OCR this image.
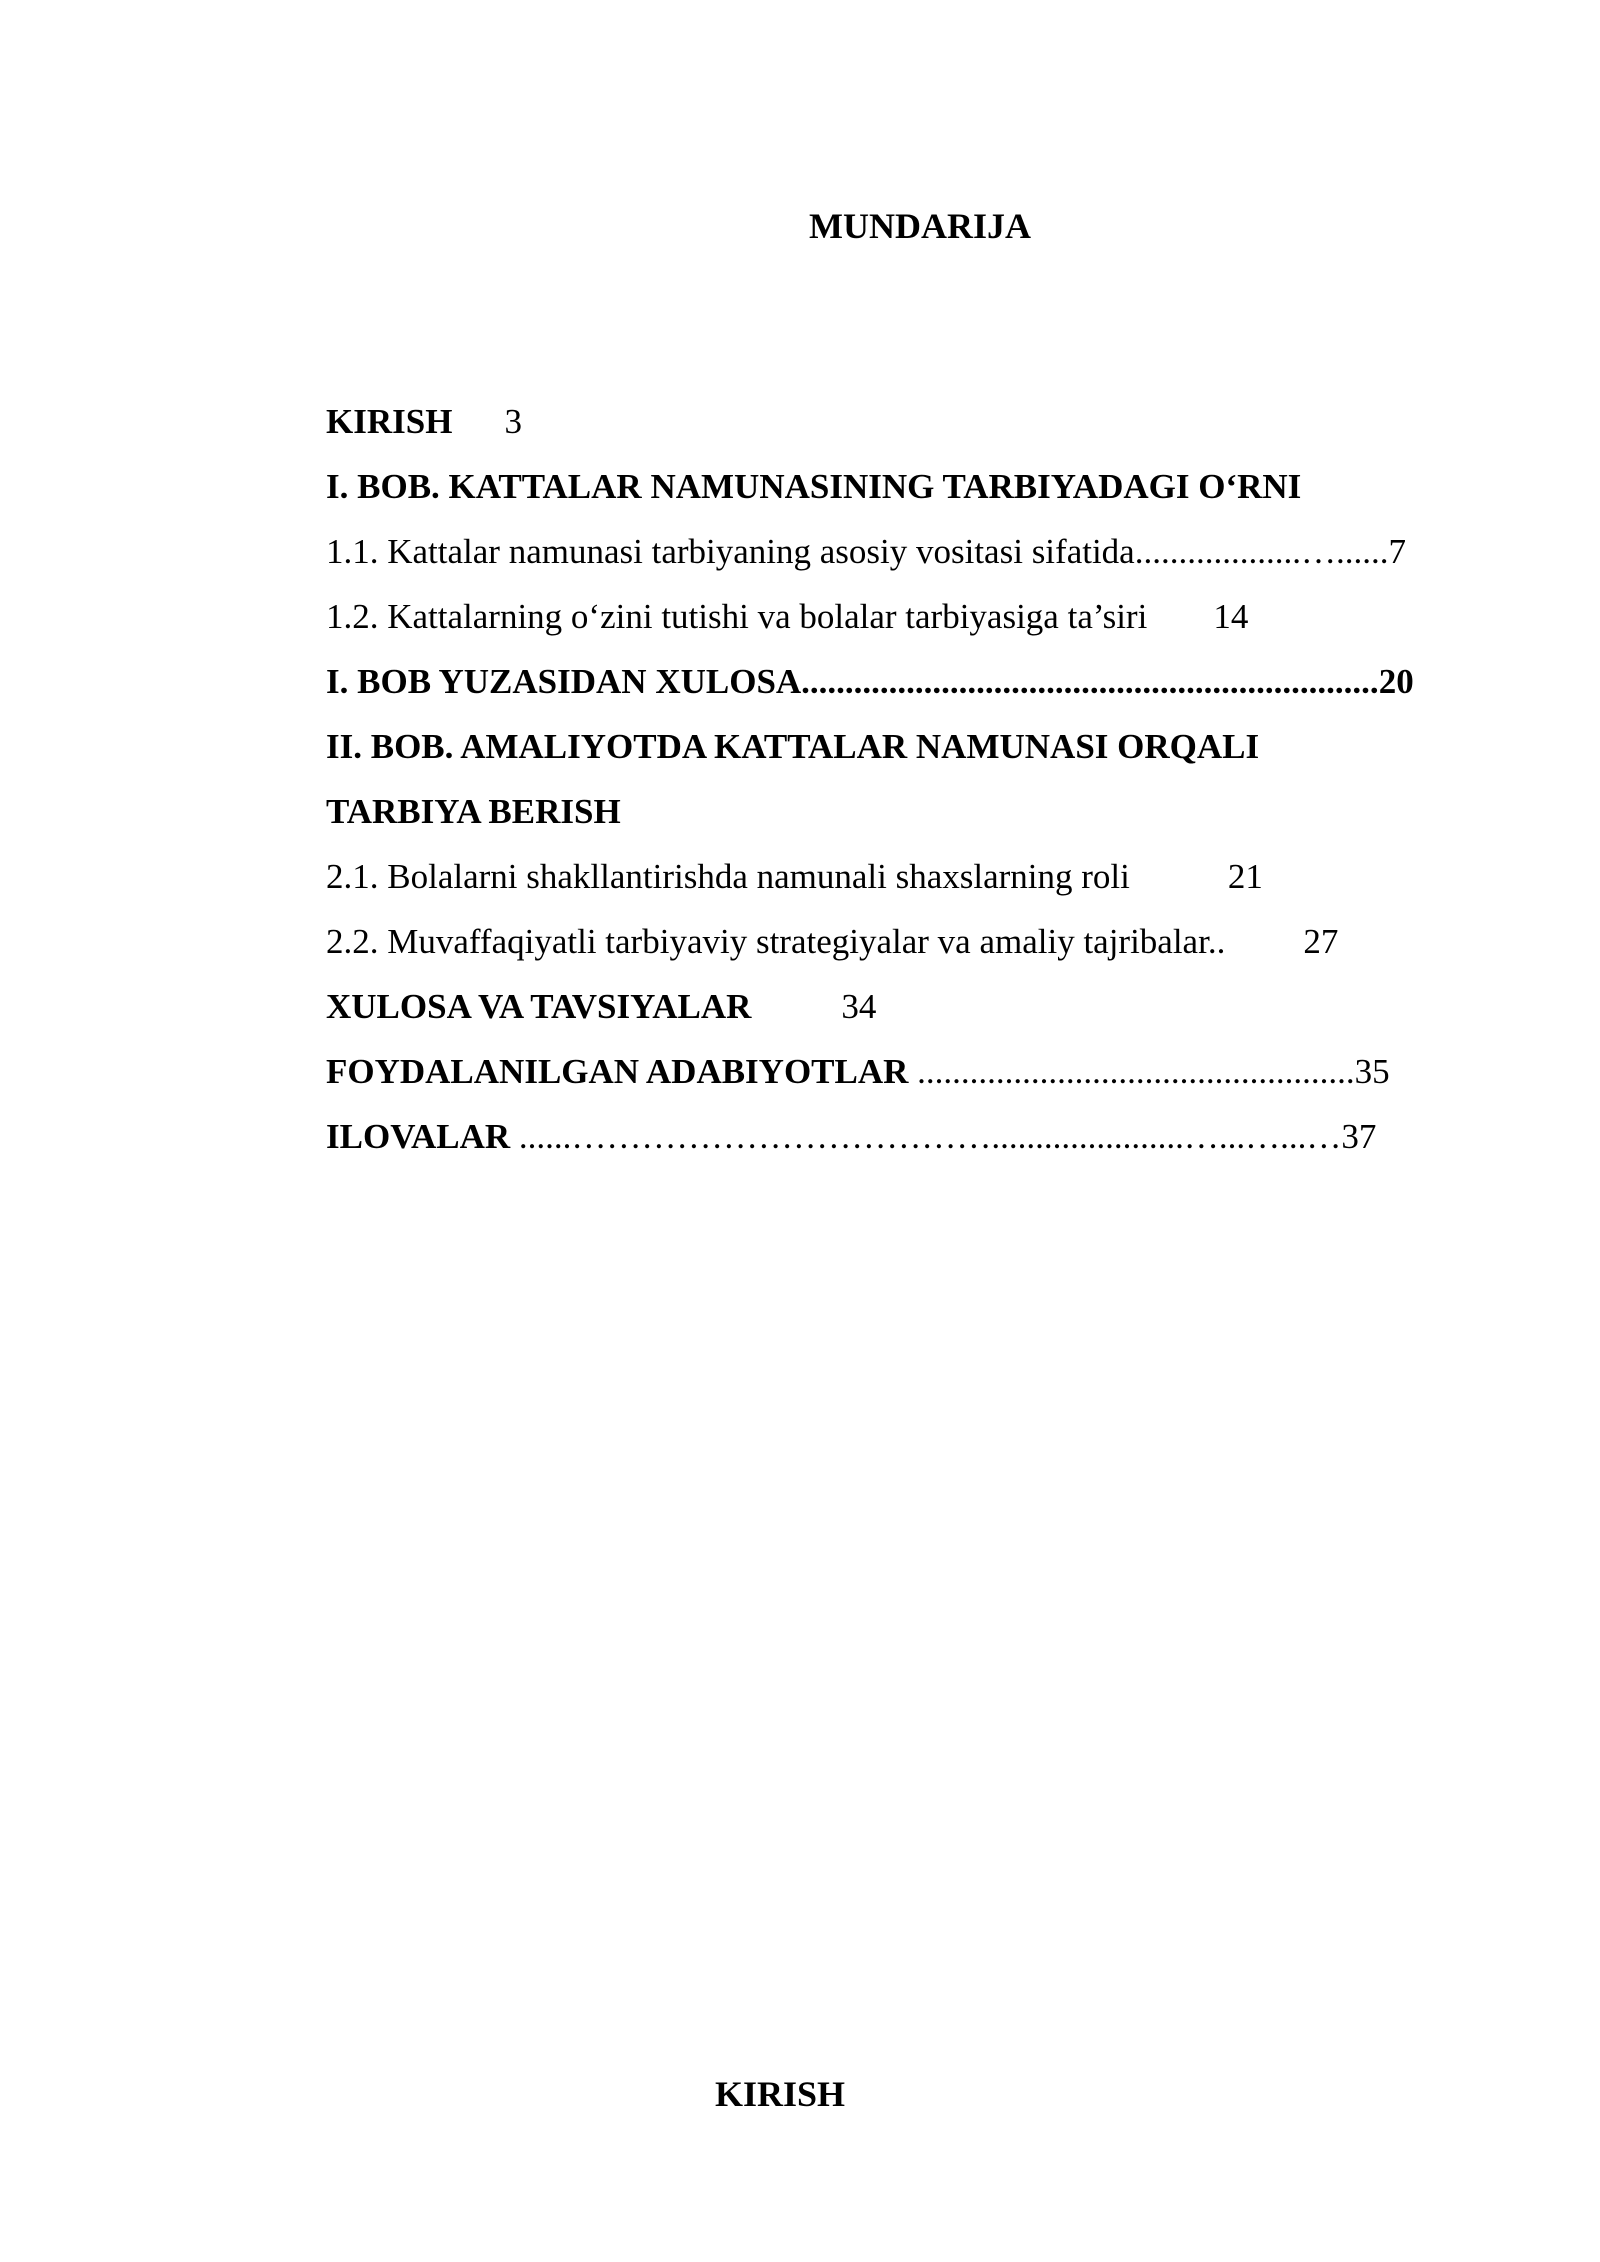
MUNDARIJA
KIRISH 3
I. BOB. KATTALAR NAMUNASINING TARBIYADAGI O‘RNI
1.1. Kattalar namunasi tarbiyaning asosiy vositasi sifatida...................…......7
1.2. Kattalarning o‘zini tutishi va bolalar tarbiyasiga ta’siri 14
I. BOB YUZASIDAN XULOSA..................................................................20
II. BOB. AMALIYOTDA KATTALAR NAMUNASI ORQALI
TARBIYA BERISH
2.1. Bolalarni shakllantirishda namunali shaxslarning roli	21
2.2. Muvaffaqiyatli tarbiyaviy strategiyalar va amaliy tajribalar.. 27
XULOSA VA TAVSIYALAR	34
FOYDALANILGAN ADABIYOTLAR ..................................................35
ILOVALAR ......………………………………......................…...…...…37
KIRISH
